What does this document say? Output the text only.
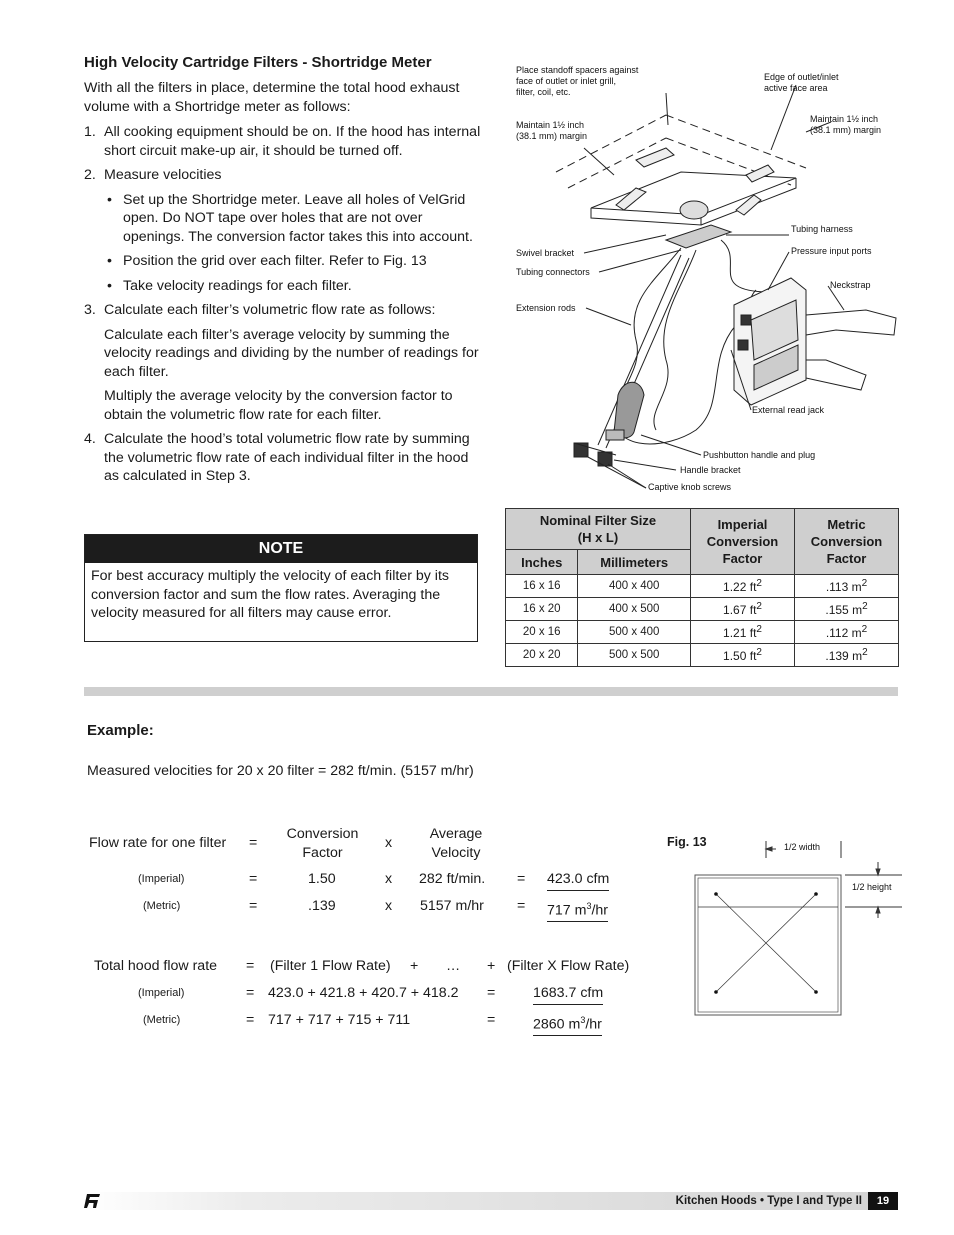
High Velocity Cartridge Filters - Shortridge Meter
With all the filters in place, determine the total hood exhaust volume with a Shortridge meter as follows:
1. All cooking equipment should be on. If the hood has internal short circuit make-up air, it should be turned off.
2. Measure velocities
• Set up the Shortridge meter. Leave all holes of VelGrid open. Do NOT tape over holes that are not over openings. The conversion factor takes this into account.
• Position the grid over each filter. Refer to Fig. 13
• Take velocity readings for each filter.
3. Calculate each filter’s volumetric flow rate as follows:
Calculate each filter’s average velocity by summing the velocity readings and dividing by the number of readings for each filter.
Multiply the average velocity by the conversion factor to obtain the volumetric flow rate for each filter.
4. Calculate the hood’s total volumetric flow rate by summing the volumetric flow rate of each individual filter in the hood as calculated in Step 3.
NOTE
For best accuracy multiply the velocity of each filter by its conversion factor and sum the flow rates. Averaging the velocity measured for all filters may cause error.
Place standoff spacers against
face of outlet or inlet grill,
filter, coil, etc.
Edge of outlet/inlet
active face area
Maintain 1½ inch
(38.1 mm) margin
Maintain 1½ inch
(38.1 mm) margin
Tubing harness
Swivel bracket	Pressure input ports
Tubing connectors
Neckstrap
Extension rods
External read jack
Pushbutton handle and plug
Handle bracket
Captive knob screws
Nominal Filter Size
(H x L)		Imperial Conversion Factor	Metric Conversion Factor
Inches	Millimeters		
16 x 16	400 x 400	1.22 $ft^2$	.113 $m^2$
16 x 20	400 x 500	1.67 $ft^2$	.155 $m^2$
20 x 16	500 x 400	1.21 $ft^2$	.112 $m^2$
20 x 20	500 x 500	1.50 $ft^2$	.139 $m^2$
Example:
Measured velocities for 20 x 20 filter = 282 ft/min. (5157 m/hr)
Flow rate for one filter =
Conversion
Factor
x
Average
Velocity
(Imperial)	=	1.50	x 282 ft/min. = 423.0 cfm
(Metric)	=	.139	x 5157 m/hr = 717 $m^3/hr$
Total hood flow rate = (Filter 1 Flow Rate) + … + (Filter X Flow Rate)
(Imperial)	= 423.0 + 421.8 + 420.7 + 418.2 =	1683.7 cfm
(Metric)	= 717 + 717 + 715 + 711	=	2860 $m^3/hr$
Fig. 13	1/2 width
1/2 height
Kitchen Hoods • Type I and Type II	19
